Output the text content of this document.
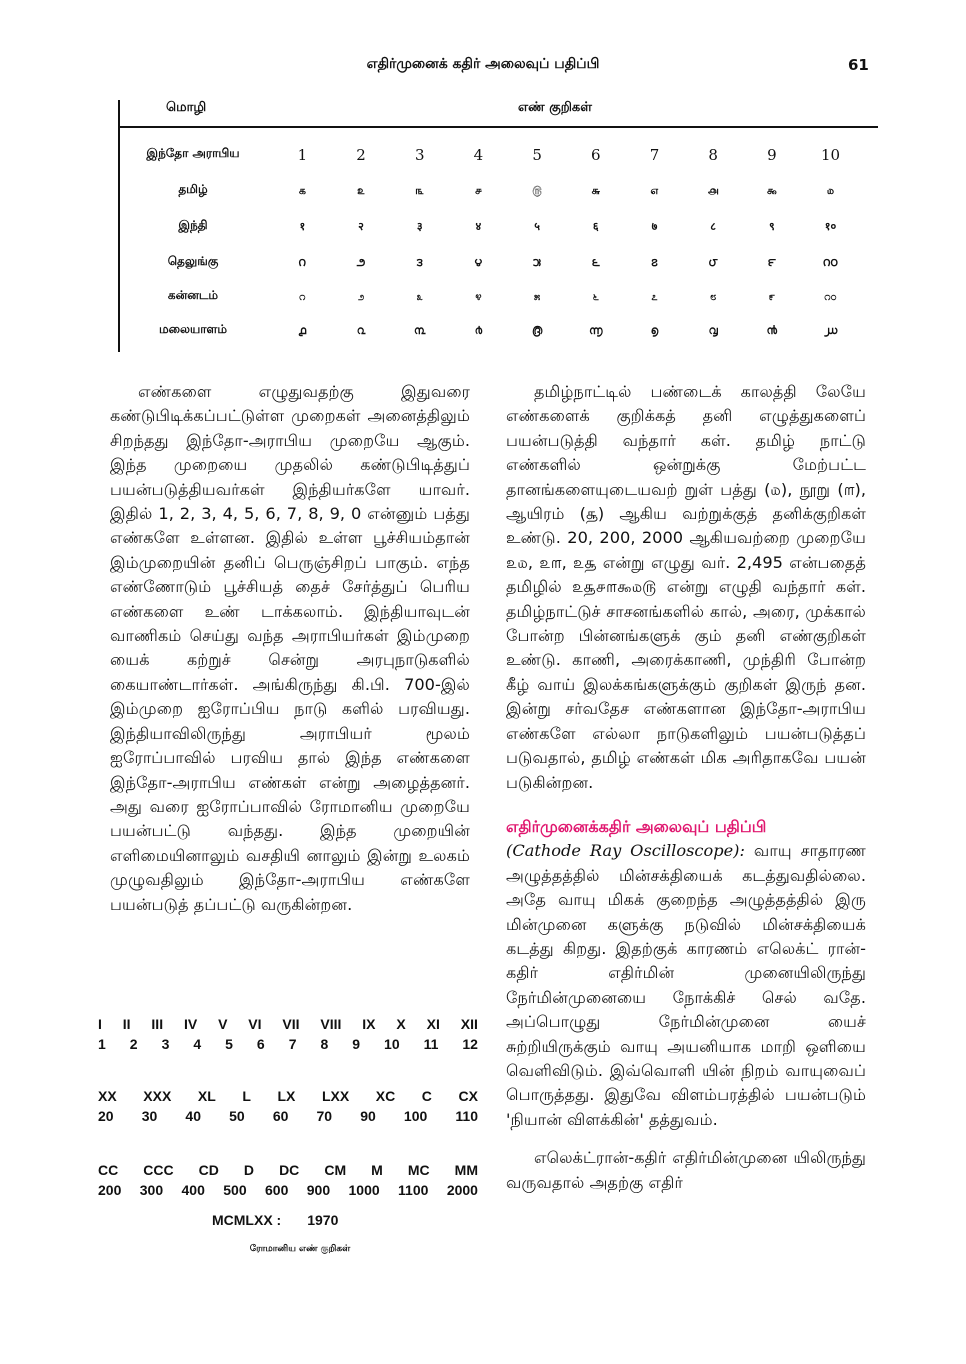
எதிர்முனைக் கதிர் அலைவுப் பதிப்பி	61
மொழி	எண் குறிகள்
இந்தோ அராபிய	1	2	3	4	5	6	7	8	9	10
தமிழ்	௧	௨	௩	௪	௫	௬	௭	௮	௯	௰
இந்தி	१	२	३	४	५	६	७	८	९	१०
தெலுங்கு	౧	౨	౩	౪	౫	౬	౭	౮	౯	౧౦
கன்னடம்	೧	೨	೩	೪	೫	೬	೭	೮	೯	೧೦
மலையாளம்	൧	൨	൩	൪	൫	൬	൭	൮	൯	൰

எண்களை எழுதுவதற்கு இதுவரை கண்டுபிடிக்கப்பட்டுள்ள முறைகள் அனைத்திலும் சிறந்தது இந்தோ-அராபிய முறையே ஆகும். இந்த முறையை முதலில் கண்டுபிடித்துப் பயன்படுத்தியவர்கள் இந்தியர்களே யாவர். இதில் 1, 2, 3, 4, 5, 6, 7, 8, 9, 0 என்னும் பத்து எண்களே உள்ளன. இதில் உள்ள பூச்சியம்தான் இம்முறையின் தனிப் பெருஞ்சிறப் பாகும். எந்த எண்ணோடும் பூச்சியத் தைச் சேர்த்துப் பெரிய எண்களை உண் டாக்கலாம். இந்தியாவுடன் வாணிகம் செய்து வந்த அராபியர்கள் இம்முறை யைக் கற்றுச் சென்று அரபுநாடுகளில் கையாண்டார்கள். அங்கிருந்து கி.பி. 700-இல் இம்முறை ஐரோப்பிய நாடு களில் பரவியது. இந்தியாவிலிருந்து அராபியர் மூலம் ஐரோப்பாவில் பரவிய தால் இந்த எண்களை இந்தோ-அராபிய எண்கள் என்று அழைத்தனர். அது வரை ஐரோப்பாவில் ரோமானிய முறையே பயன்பட்டு வந்தது. இந்த முறையின் எளிமையினாலும் வசதியி னாலும் இன்று உலகம் முழுவதிலும் இந்தோ-அராபிய எண்களே பயன்படுத் தப்பட்டு வருகின்றன.

I II III IV V VI VII VIII IX X XI XII
1 2 3 4 5 6 7 8 9 10 11 12
XX XXX XL L LX LXX XC C CX
20 30 40 50 60 70 90 100 110
CC CCC CD D DC CM M MC MM
200 300 400 500 600 900 1000 1100 2000
MCMLXX : 1970
ரோமானிய எண் குறிகள்

தமிழ்நாட்டில் பண்டைக் காலத்தி லேயே எண்களைக் குறிக்கத் தனி எழுத்துகளைப் பயன்படுத்தி வந்தார் கள். தமிழ் நாட்டு எண்களில் ஒன்றுக்கு மேற்பட்ட தானங்களையுடையவற் றுள் பத்து (௰), நூறு (௱), ஆயிரம் (௲) ஆகிய வற்றுக்குத் தனிக்குறிகள் உண்டு. 20, 200, 2000 ஆகியவற்றை முறையே ௨௰, ௨௱, ௨௲ என்று எழுது வர். 2,495 என்பதைத் தமிழில் ௨௲௪௱௯௰௫ என்று எழுதி வந்தார் கள். தமிழ்நாட்டுச் சாசனங்களில் கால், அரை, முக்கால் போன்ற பின்னங்களுக் கும் தனி எண்குறிகள் உண்டு. காணி, அரைக்காணி, முந்திரி போன்ற கீழ் வாய் இலக்கங்களுக்கும் குறிகள் இருந் தன. இன்று சர்வதேச எண்களான இந்தோ-அராபிய எண்களே எல்லா நாடுகளிலும் பயன்படுத்தப் படுவதால், தமிழ் எண்கள் மிக அரிதாகவே பயன் படுகின்றன.

எதிர்முனைக்கதிர் அலைவுப் பதிப்பி

(Cathode Ray Oscilloscope): வாயு சாதாரண அழுத்தத்தில் மின்சக்தியைக் கடத்துவதில்லை. அதே வாயு மிகக் குறைந்த அழுத்தத்தில் இரு மின்முனை களுக்கு நடுவில் மின்சக்தியைக் கடத்து கிறது. இதற்குக் காரணம் எலெக்ட் ரான்-கதிர் எதிர்மின் முனையிலிருந்து நேர்மின்முனையை நோக்கிச் செல் வதே. அப்பொழுது நேர்மின்முனை யைச் சுற்றியிருக்கும் வாயு அயனியாக மாறி ஒளியை வெளிவிடும். இவ்வொளி யின் நிறம் வாயுவைப் பொருத்தது. இதுவே விளம்பரத்தில் பயன்படும் 'நியான் விளக்கின்' தத்துவம்.

எலெக்ட்ரான்-கதிர் எதிர்மின்முனை யிலிருந்து வருவதால் அதற்கு எதிர்
